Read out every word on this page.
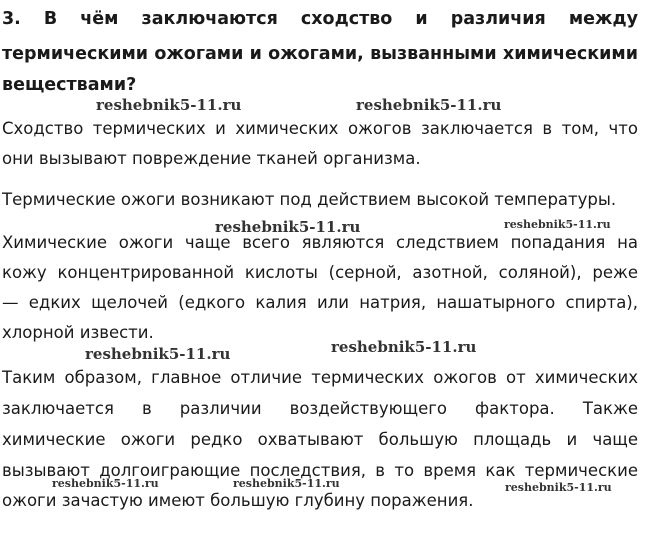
3. В чём заключаются сходство и различия между
термическими ожогами и ожогами, вызванными химическими
веществами?
Сходство термических и химических ожогов заключается в том, что
они вызывают повреждение тканей организма.
Термические ожоги возникают под действием высокой температуры.
Химические ожоги чаще всего являются следствием попадания на
кожу концентрированной кислоты (серной, азотной, соляной), реже
— едких щелочей (едкого калия или натрия, нашатырного спирта),
хлорной извести.
Таким образом, главное отличие термических ожогов от химических
заключается в различии воздействующего фактора. Также
химические ожоги редко охватывают большую площадь и чаще
вызывают долгоиграющие последствия, в то время как термические
ожоги зачастую имеют большую глубину поражения.
reshebnik5-11.ru	reshebnik5-11.ru
reshebnik5-11.ru	reshebnik5-11.ru
reshebnik5-11.ru	reshebnik5-11.ru
reshebnik5-11.ru	reshebnik5-11.ru	reshebnik5-11.ru
